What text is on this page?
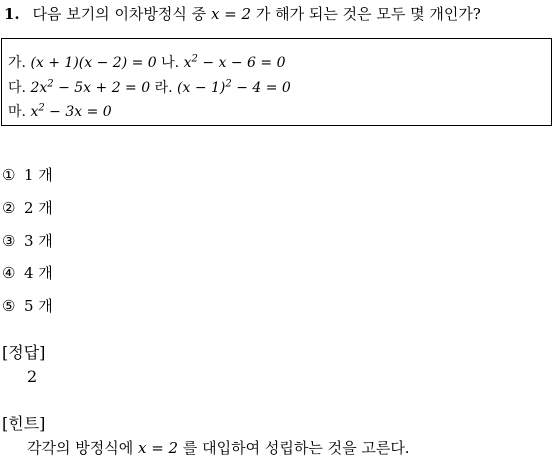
1. 다음 보기의 이차방정식 중 x = 2 가 해가 되는 것은 모두 몇 개인가?
가. (x + 1)(x − 2) = 0 나. $x^2 - x - 6 = 0$
다. $2x^2 - 5x + 2 = 0$ 라. $(x - 1)^2 - 4 = 0$
마. $x^2 - 3x = 0$
① 1 개
② 2 개
③ 3 개
④ 4 개
⑤ 5 개
[정답]
2
[힌트]
각각의 방정식에 x = 2 를 대입하여 성립하는 것을 고른다.
